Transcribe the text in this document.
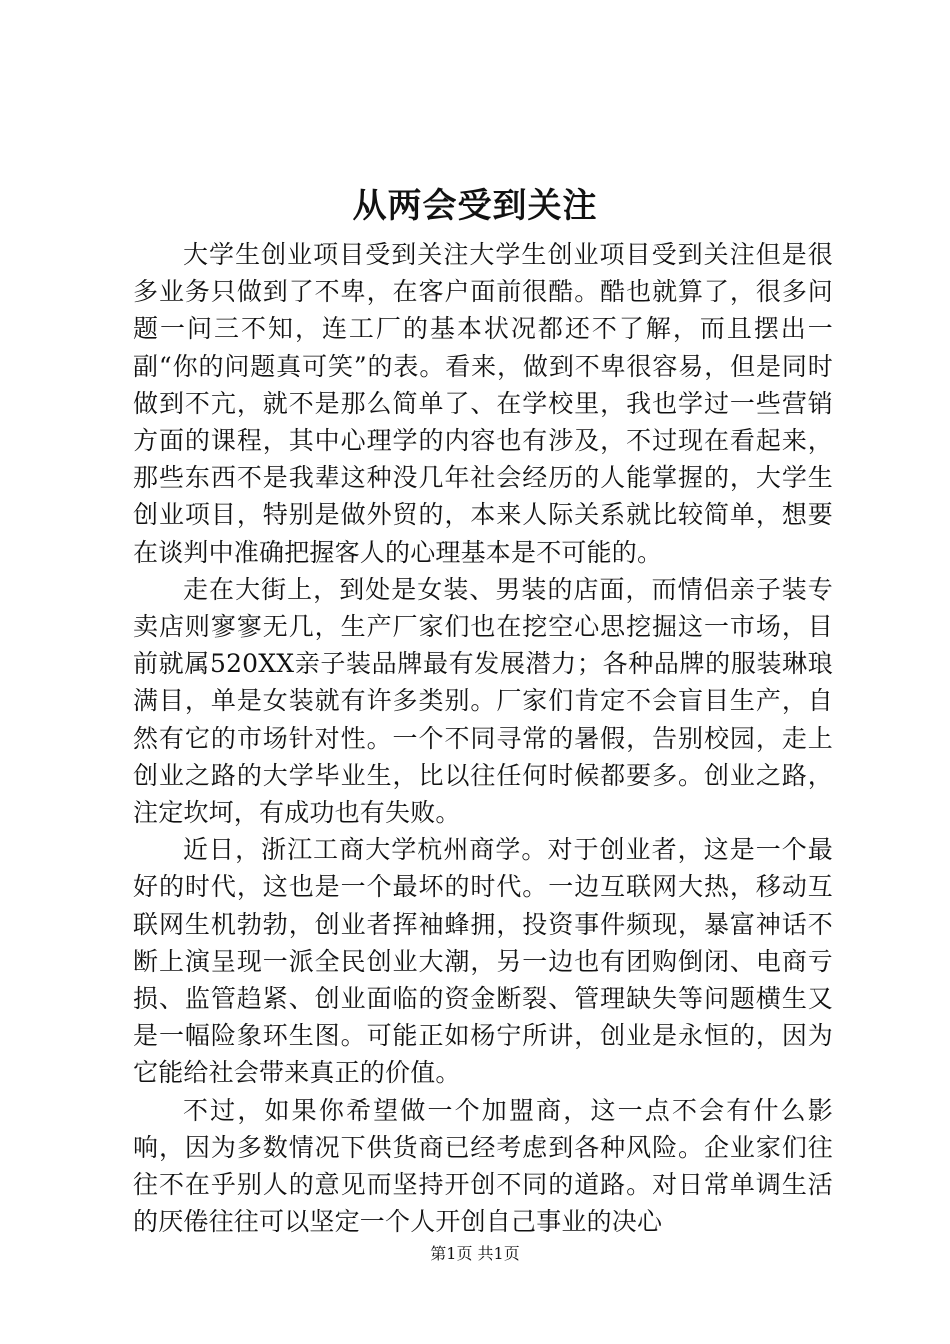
从两会受到关注

大学生创业项目受到关注大学生创业项目受到关注但是很多业务只做到了不卑，在客户面前很酷。酷也就算了，很多问题一问三不知，连工厂的基本状况都还不了解，而且摆出一副“你的问题真可笑”的表。看来，做到不卑很容易，但是同时做到不亢，就不是那么简单了、在学校里，我也学过一些营销方面的课程，其中心理学的内容也有涉及，不过现在看起来，那些东西不是我辈这种没几年社会经历的人能掌握的，大学生创业项目，特别是做外贸的，本来人际关系就比较简单，想要在谈判中准确把握客人的心理基本是不可能的。

走在大街上，到处是女装、男装的店面，而情侣亲子装专卖店则寥寥无几，生产厂家们也在挖空心思挖掘这一市场，目前就属520XX亲子装品牌最有发展潜力；各种品牌的服装琳琅满目，单是女装就有许多类别。厂家们肯定不会盲目生产，自然有它的市场针对性。一个不同寻常的暑假，告别校园，走上创业之路的大学毕业生，比以往任何时候都要多。创业之路，注定坎坷，有成功也有失败。

近日，浙江工商大学杭州商学。对于创业者，这是一个最好的时代，这也是一个最坏的时代。一边互联网大热，移动互联网生机勃勃，创业者挥袖蜂拥，投资事件频现，暴富神话不断上演呈现一派全民创业大潮，另一边也有团购倒闭、电商亏损、监管趋紧、创业面临的资金断裂、管理缺失等问题横生又是一幅险象环生图。可能正如杨宁所讲，创业是永恒的，因为它能给社会带来真正的价值。

不过，如果你希望做一个加盟商，这一点不会有什么影响，因为多数情况下供货商已经考虑到各种风险。企业家们往往不在乎别人的意见而坚持开创不同的道路。对日常单调生活的厌倦往往可以坚定一个人开创自己事业的决心

第1页 共1页
